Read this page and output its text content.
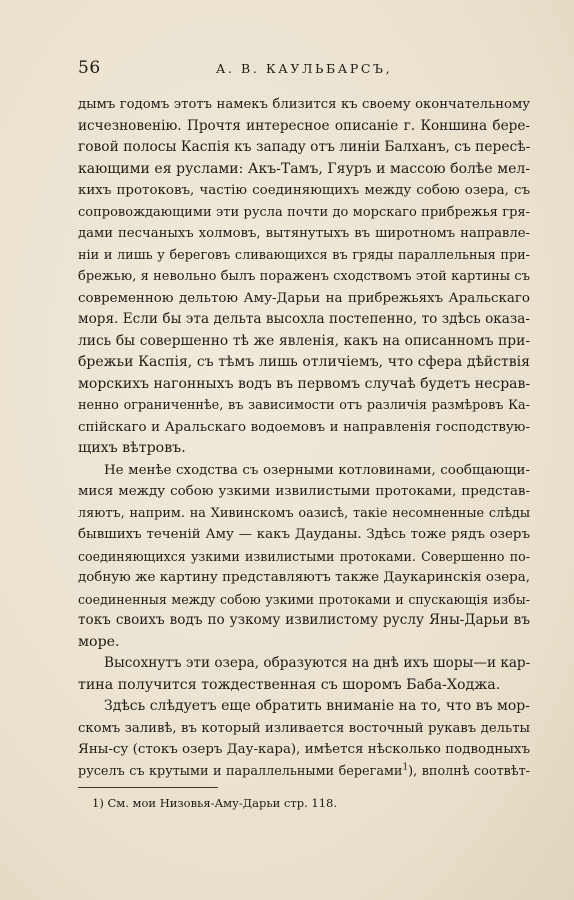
56	А. В. КАУЛЬБАРСЪ,
дымъ годомъ этотъ намекъ близится къ своему окончательному
исчезновенію. Прочтя интересное описаніе г. Коншина бере-
говой полосы Каспія къ западу отъ линіи Балханъ, съ пересѣ-
кающими ея руслами: Акъ-Тамъ, Гяуръ и массою болѣе мел-
кихъ протоковъ, частію соединяющихъ между собою озера, съ
сопровождающими эти русла почти до морскаго прибрежья гря-
дами песчаныхъ холмовъ, вытянутыхъ въ широтномъ направле-
ніи и лишь у береговъ сливающихся въ гряды параллельныя при-
брежью, я невольно былъ пораженъ сходствомъ этой картины съ
современною дельтою Аму-Дарьи на прибрежьяхъ Аральскаго
моря. Если бы эта дельта высохла постепенно, то здѣсь оказа-
лись бы совершенно тѣ же явленія, какъ на описанномъ при-
брежьи Каспія, съ тѣмъ лишь отличіемъ, что сфера дѣйствія
морскихъ нагонныхъ водъ въ первомъ случаѣ будетъ несрав-
ненно ограниченнѣе, въ зависимости отъ различія размѣровъ Ка-
спійскаго и Аральскаго водоемовъ и направленія господствую-
щихъ вѣтровъ.
Не менѣе сходства съ озерными котловинами, сообщающи-
мися между собою узкими извилистыми протоками, представ-
ляютъ, наприм. на Хивинскомъ оазисѣ, такіе несомненные слѣды
бывшихъ теченій Аму — какъ Дауданы. Здѣсь тоже рядъ озеръ
соединяющихся узкими извилистыми протоками. Совершенно по-
добную же картину представляютъ также Даукаринскія озера,
соединенныя между собою узкими протоками и спускающія избы-
токъ своихъ водъ по узкому извилистому руслу Яны-Дарьи въ
море.
Высохнутъ эти озера, образуются на днѣ ихъ шоры—и кар-
тина получится тождественная съ шоромъ Баба-Ходжа.
Здѣсь слѣдуетъ еще обратить вниманіе на то, что въ мор-
скомъ заливѣ, въ который изливается восточный рукавъ дельты
Яны-су (стокъ озеръ Дау-кара), имѣется нѣсколько подводныхъ
руселъ съ крутыми и параллельными берегами$^1$), вполнѣ соотвѣт-
1) См. мои Низовья-Аму-Дарьи стр. 118.
